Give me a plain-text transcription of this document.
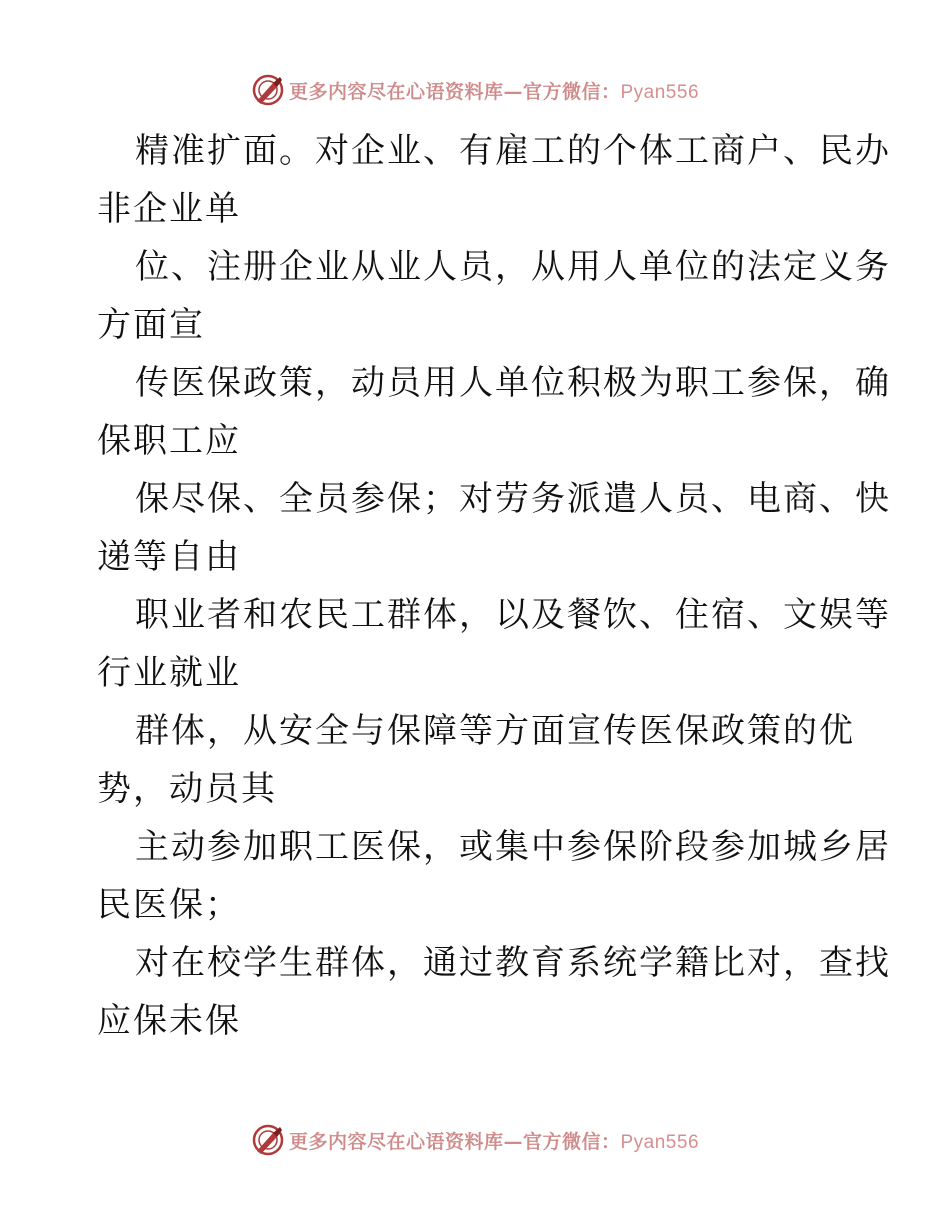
更多内容尽在心语资料库—官方微信：Pyan556
精准扩面。对企业、有雇工的个体工商户、民办
非企业单
位、注册企业从业人员，从用人单位的法定义务
方面宣
传医保政策，动员用人单位积极为职工参保，确
保职工应
保尽保、全员参保；对劳务派遣人员、电商、快
递等自由
职业者和农民工群体，以及餐饮、住宿、文娱等
行业就业
群体，从安全与保障等方面宣传医保政策的优
势，动员其
主动参加职工医保，或集中参保阶段参加城乡居
民医保；
对在校学生群体，通过教育系统学籍比对，查找
应保未保
更多内容尽在心语资料库—官方微信：Pyan556
